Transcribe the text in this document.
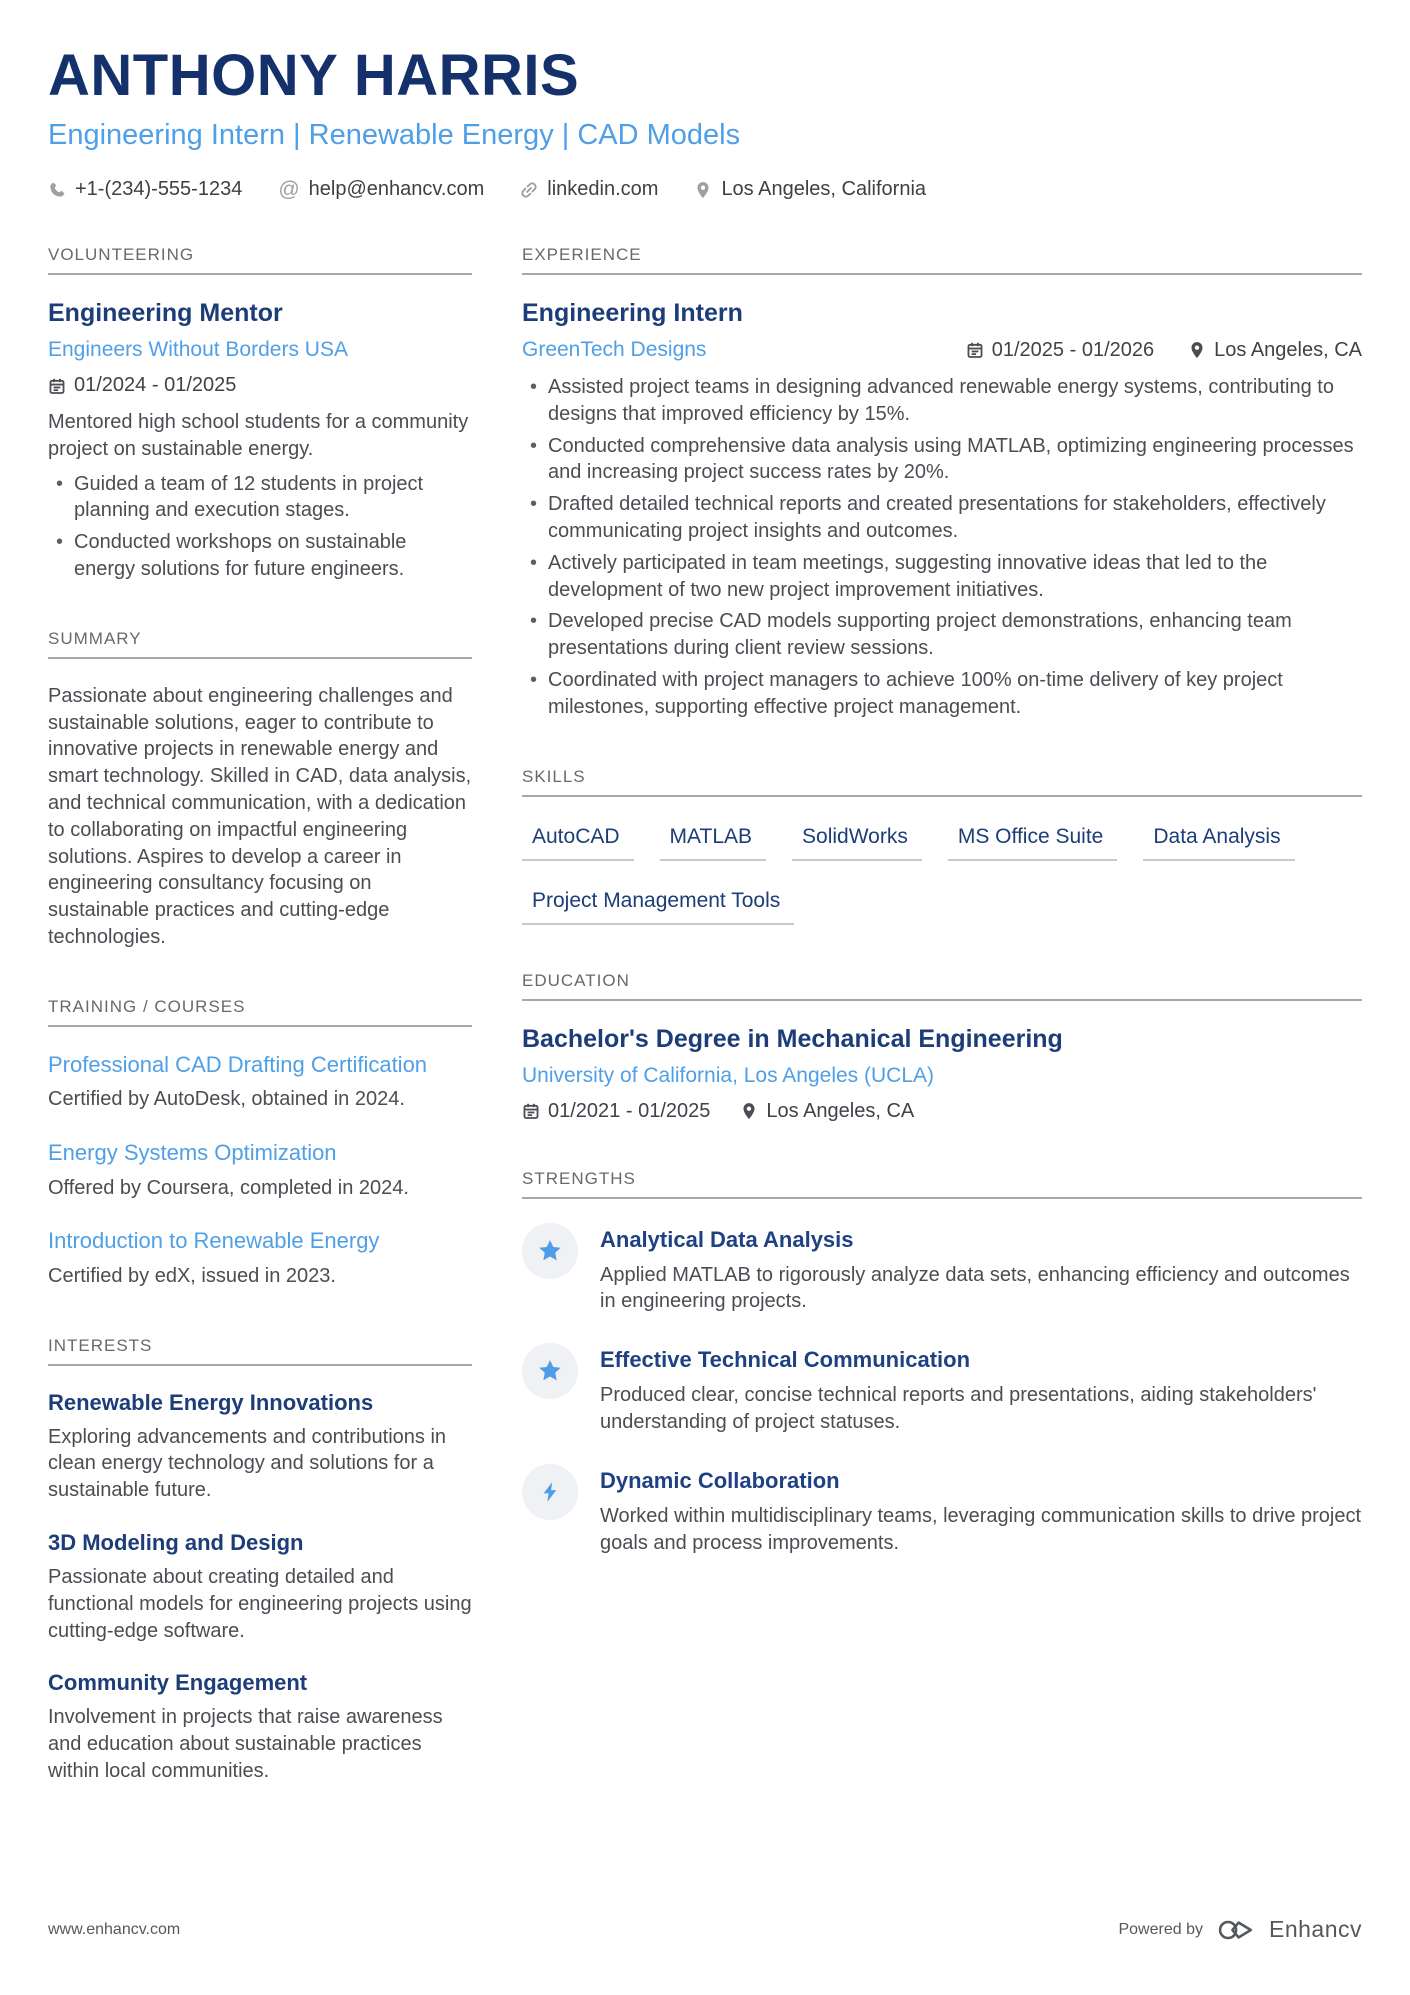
ANTHONY HARRIS
Engineering Intern | Renewable Energy | CAD Models
+1-(234)-555-1234 @ help@enhancv.com	linkedin.com	Los Angeles, California
VOLUNTEERING
Engineering Mentor
Engineers Without Borders USA
01/2024 - 01/2025

Mentored high school students for a community project on sustainable energy.

• Guided a team of 12 students in project planning and execution stages.
• Conducted workshops on sustainable energy solutions for future engineers.
SUMMARY

Passionate about engineering challenges and sustainable solutions, eager to contribute to innovative projects in renewable energy and smart technology. Skilled in CAD, data analysis, and technical communication, with a dedication to collaborating on impactful engineering solutions. Aspires to develop a career in engineering consultancy focusing on sustainable practices and cutting-edge technologies.

TRAINING / COURSES
Professional CAD Drafting Certification

Certified by AutoDesk, obtained in 2024.

Energy Systems Optimization

Offered by Coursera, completed in 2024.

Introduction to Renewable Energy

Certified by edX, issued in 2023.

INTERESTS
Renewable Energy Innovations

Exploring advancements and contributions in clean energy technology and solutions for a sustainable future.

3D Modeling and Design

Passionate about creating detailed and functional models for engineering projects using cutting-edge software.

Community Engagement

Involvement in projects that raise awareness and education about sustainable practices within local communities.

EXPERIENCE
Engineering Intern
GreenTech Designs	01/2025 - 01/2026	Los Angeles, CA
• Assisted project teams in designing advanced renewable energy systems, contributing to designs that improved efficiency by 15%.
• Conducted comprehensive data analysis using MATLAB, optimizing engineering processes and increasing project success rates by 20%.
• Drafted detailed technical reports and created presentations for stakeholders, effectively communicating project insights and outcomes.
• Actively participated in team meetings, suggesting innovative ideas that led to the development of two new project improvement initiatives.
• Developed precise CAD models supporting project demonstrations, enhancing team presentations during client review sessions.
• Coordinated with project managers to achieve 100% on-time delivery of key project milestones, supporting effective project management.
SKILLS
AutoCAD	MATLAB	SolidWorks	MS Office Suite	Data Analysis
Project Management Tools
EDUCATION
Bachelor's Degree in Mechanical Engineering
University of California, Los Angeles (UCLA)
01/2021 - 01/2025	Los Angeles, CA
STRENGTHS
Analytical Data Analysis

Applied MATLAB to rigorously analyze data sets, enhancing efficiency and outcomes in engineering projects.

Effective Technical Communication

Produced clear, concise technical reports and presentations, aiding stakeholders' understanding of project statuses.

Dynamic Collaboration

Worked within multidisciplinary teams, leveraging communication skills to drive project goals and process improvements.

www.enhancv.com	Powered by	Enhancv
